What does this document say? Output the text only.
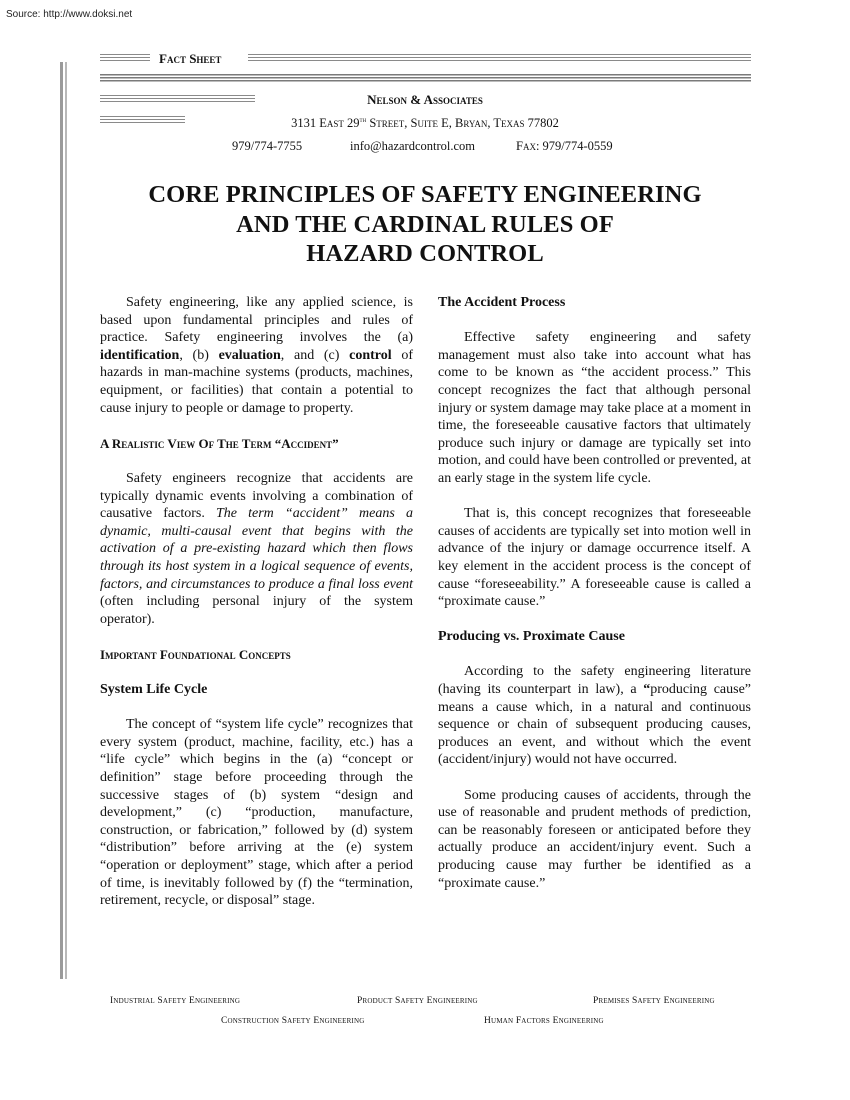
Source: http://www.doksi.net
Fact Sheet
Nelson & Associates
3131 East 29th Street, Suite E, Bryan, Texas 77802
979/774-7755	info@hazardcontrol.com	Fax: 979/774-0559
CORE PRINCIPLES OF SAFETY ENGINEERING
AND THE CARDINAL RULES OF
HAZARD CONTROL

Safety engineering, like any applied science, is based upon fundamental principles and rules of practice. Safety engineering involves the (a) identification, (b) evaluation, and (c) control of hazards in man-machine systems (products, machines, equipment, or facilities) that contain a potential to cause injury to people or damage to property.

A Realistic View Of The Term “Accident”

Safety engineers recognize that accidents are typically dynamic events involving a combination of causative factors. The term “accident” means a dynamic, multi-causal event that begins with the activation of a pre-existing hazard which then flows through its host system in a logical sequence of events, factors, and circumstances to produce a final loss event (often including personal injury of the system operator).

Important Foundational Concepts
System Life Cycle

The concept of “system life cycle” recognizes that every system (product, machine, facility, etc.) has a “life cycle” which begins in the (a) “concept or definition” stage before proceeding through the successive stages of (b) system “design and development,” (c) “production, manufacture, construction, or fabrication,” followed by (d) system “distribution” before arriving at the (e) system “operation or deployment” stage, which after a period of time, is inevitably followed by (f) the “termination, retirement, recycle, or disposal” stage.

The Accident Process

Effective safety engineering and safety management must also take into account what has come to be known as “the accident process.” This concept recognizes the fact that although personal injury or system damage may take place at a moment in time, the foreseeable causative factors that ultimately produce such injury or damage are typically set into motion, and could have been controlled or prevented, at an early stage in the system life cycle.

That is, this concept recognizes that foreseeable causes of accidents are typically set into motion well in advance of the injury or damage occurrence itself. A key element in the accident process is the concept of cause “foreseeability.” A foreseeable cause is called a “proximate cause.”

Producing vs. Proximate Cause

According to the safety engineering literature (having its counterpart in law), a “producing cause” means a cause which, in a natural and continuous sequence or chain of subsequent producing causes, produces an event, and without which the event (accident/injury) would not have occurred.

Some producing causes of accidents, through the use of reasonable and prudent methods of prediction, can be reasonably foreseen or anticipated before they actually produce an accident/injury event. Such a producing cause may further be identified as a “proximate cause.”

Industrial Safety Engineering	Product Safety Engineering	Premises Safety Engineering
Construction Safety Engineering	Human Factors Engineering
